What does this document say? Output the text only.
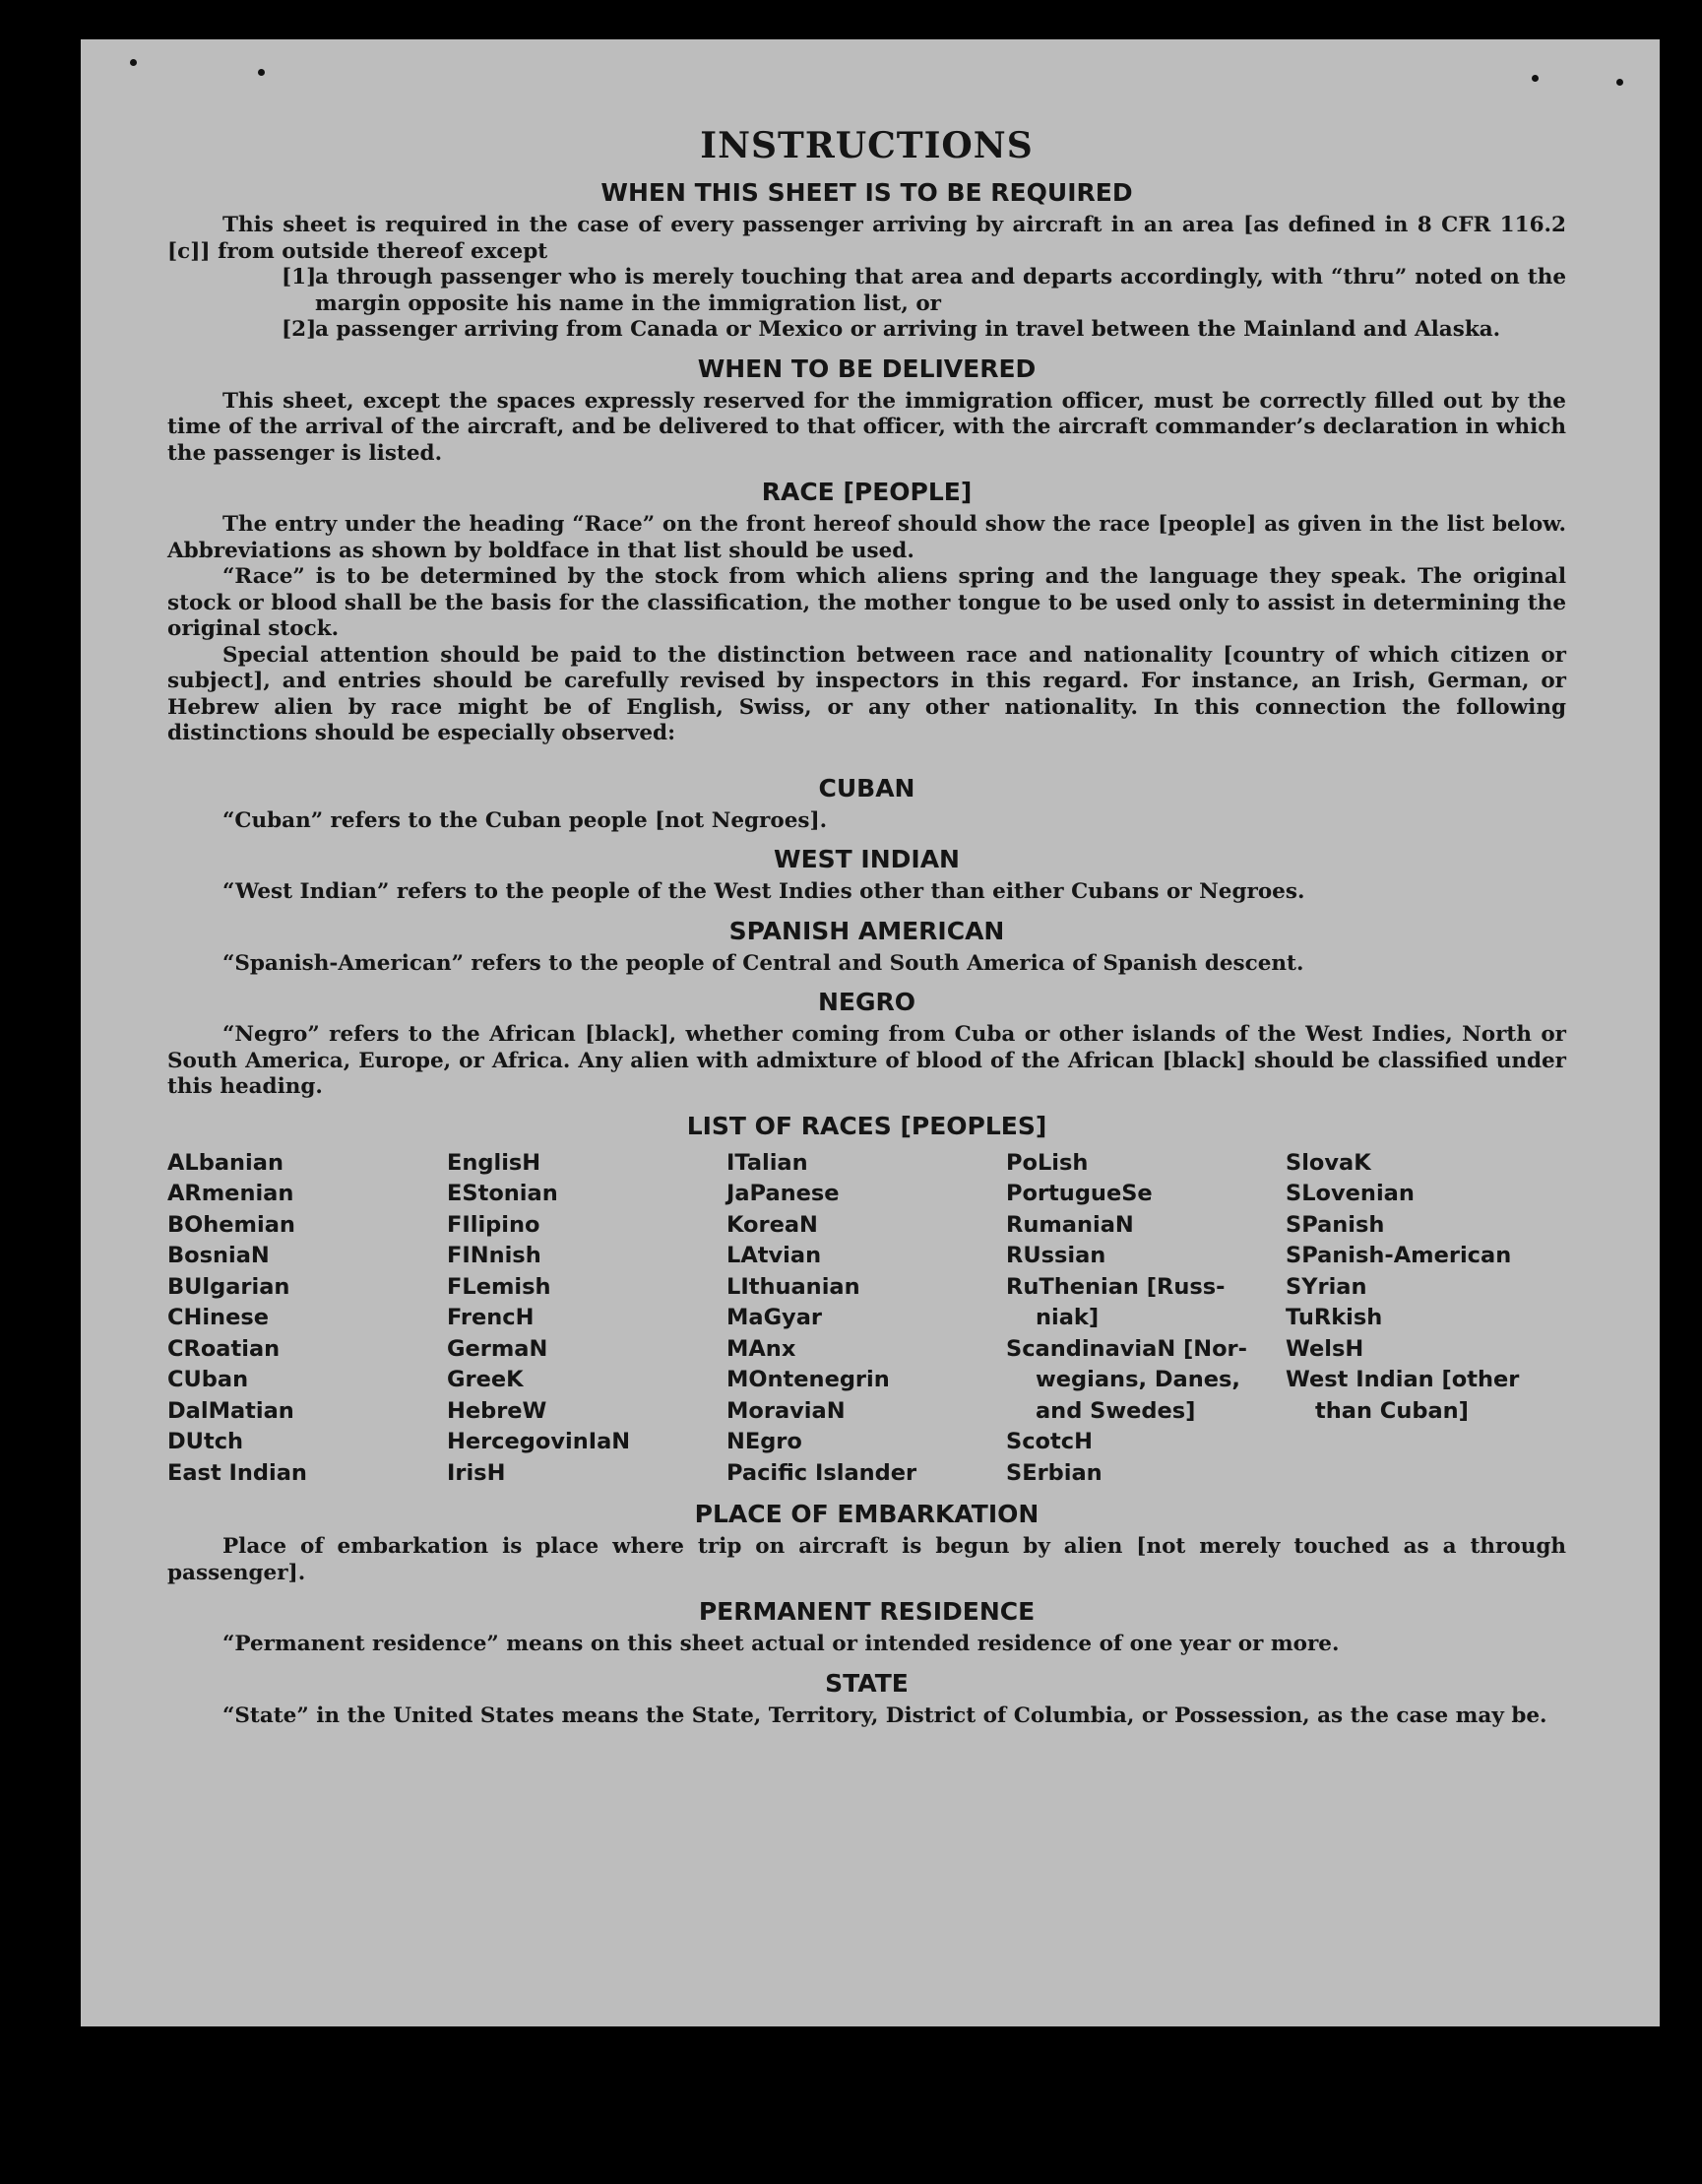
INSTRUCTIONS
WHEN THIS SHEET IS TO BE REQUIRED

This sheet is required in the case of every passenger arriving by aircraft in an area [as defined in 8 CFR 116.2 [c]] from outside thereof except

[1]
a through passenger who is merely touching that area and departs accordingly, with “thru” noted on the margin opposite his name in the immigration list, or
[2]
a passenger arriving from Canada or Mexico or arriving in travel between the Mainland and Alaska.
WHEN TO BE DELIVERED

This sheet, except the spaces expressly reserved for the immigration officer, must be correctly filled out by the time of the arrival of the aircraft, and be delivered to that officer, with the aircraft commander’s declaration in which the passenger is listed.

RACE [PEOPLE]

The entry under the heading “Race” on the front hereof should show the race [people] as given in the list below. Abbreviations as shown by boldface in that list should be used.

“Race” is to be determined by the stock from which aliens spring and the language they speak. The original stock or blood shall be the basis for the classification, the mother tongue to be used only to assist in determining the original stock.

Special attention should be paid to the distinction between race and nationality [country of which citizen or subject], and entries should be carefully revised by inspectors in this regard. For instance, an Irish, German, or Hebrew alien by race might be of English, Swiss, or any other nationality. In this connection the following distinctions should be especially observed:

CUBAN

“Cuban” refers to the Cuban people [not Negroes].

WEST INDIAN

“West Indian” refers to the people of the West Indies other than either Cubans or Negroes.

SPANISH AMERICAN

“Spanish-American” refers to the people of Central and South America of Spanish descent.

NEGRO

“Negro” refers to the African [black], whether coming from Cuba or other islands of the West Indies, North or South America, Europe, or Africa. Any alien with admixture of blood of the African [black] should be classified under this heading.

LIST OF RACES [PEOPLES]
ALbanian
ARmenian
BOhemian
BosniaN
BUlgarian
CHinese
CRoatian
CUban
DalMatian
DUtch
East Indian
EnglisH
EStonian
FIlipino
FINnish
FLemish
FrencH
GermaN
GreeK
HebreW
HercegovinIaN
IrisH
ITalian
JaPanese
KoreaN
LAtvian
LIthuanian
MaGyar
MAnx
MOntenegrin
MoraviaN
NEgro
Pacific Islander
PoLish
PortugueSe
RumaniaN
RUssian
RuThenian [Russ-
niak]
ScandinaviaN [Nor-
wegians, Danes,
and Swedes]
ScotcH
SErbian
SlovaK
SLovenian
SPanish
SPanish-American
SYrian
TuRkish
WelsH
West Indian [other
than Cuban]
PLACE OF EMBARKATION

Place of embarkation is place where trip on aircraft is begun by alien [not merely touched as a through passenger].

PERMANENT RESIDENCE

“Permanent residence” means on this sheet actual or intended residence of one year or more.

STATE

“State” in the United States means the State, Territory, District of Columbia, or Possession, as the case may be.
